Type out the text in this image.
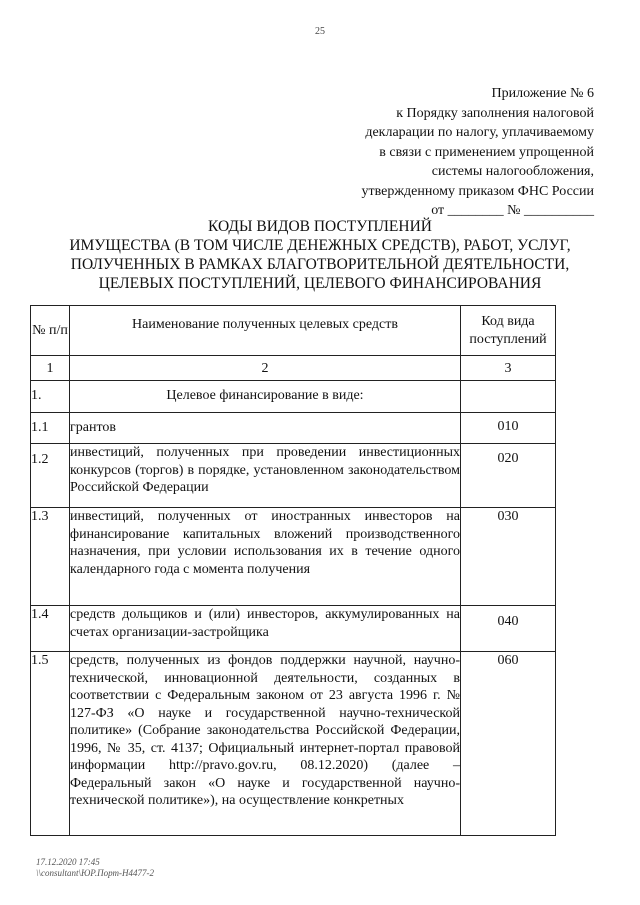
25
Приложение № 6
к Порядку заполнения налоговой
декларации по налогу, уплачиваемому
в связи с применением упрощенной
системы налогообложения,
утвержденному приказом ФНС России
от ________ № __________
КОДЫ ВИДОВ ПОСТУПЛЕНИЙ
ИМУЩЕСТВА (В ТОМ ЧИСЛЕ ДЕНЕЖНЫХ СРЕДСТВ), РАБОТ, УСЛУГ,
ПОЛУЧЕННЫХ В РАМКАХ БЛАГОТВОРИТЕЛЬНОЙ ДЕЯТЕЛЬНОСТИ,
ЦЕЛЕВЫХ ПОСТУПЛЕНИЙ, ЦЕЛЕВОГО ФИНАНСИРОВАНИЯ
№ п/п	Наименование полученных целевых средств	Код вида поступлений
1	2	3
1.	Целевое финансирование в виде:	
1.1	грантов	010
1.2	инвестиций, полученных при проведении инвестиционных конкурсов (торгов) в порядке, установленном законодательством Российской Федерации	020
1.3	инвестиций, полученных от иностранных инвесторов на финансирование капитальных вложений производственного назначения, при условии использования их в течение одного календарного года с момента получения	030
1.4	средств дольщиков и (или) инвесторов, аккумулированных на счетах организации-застройщика	040
1.5	средств, полученных из фондов поддержки научной, научно-технической, инновационной деятельности, созданных в соответствии с Федеральным законом от 23 августа 1996 г. № 127-ФЗ «О науке и государственной научно-технической политике» (Собрание законодательства Российской Федерации, 1996, № 35, ст. 4137; Официальный интернет-портал правовой информации http://pravo.gov.ru, 08.12.2020) (далее – Федеральный закон «О науке и государственной научно-технической политике»), на осуществление конкретных	060
17.12.2020 17:45
\\consultant\ЮР.Порт-Н4477-2
